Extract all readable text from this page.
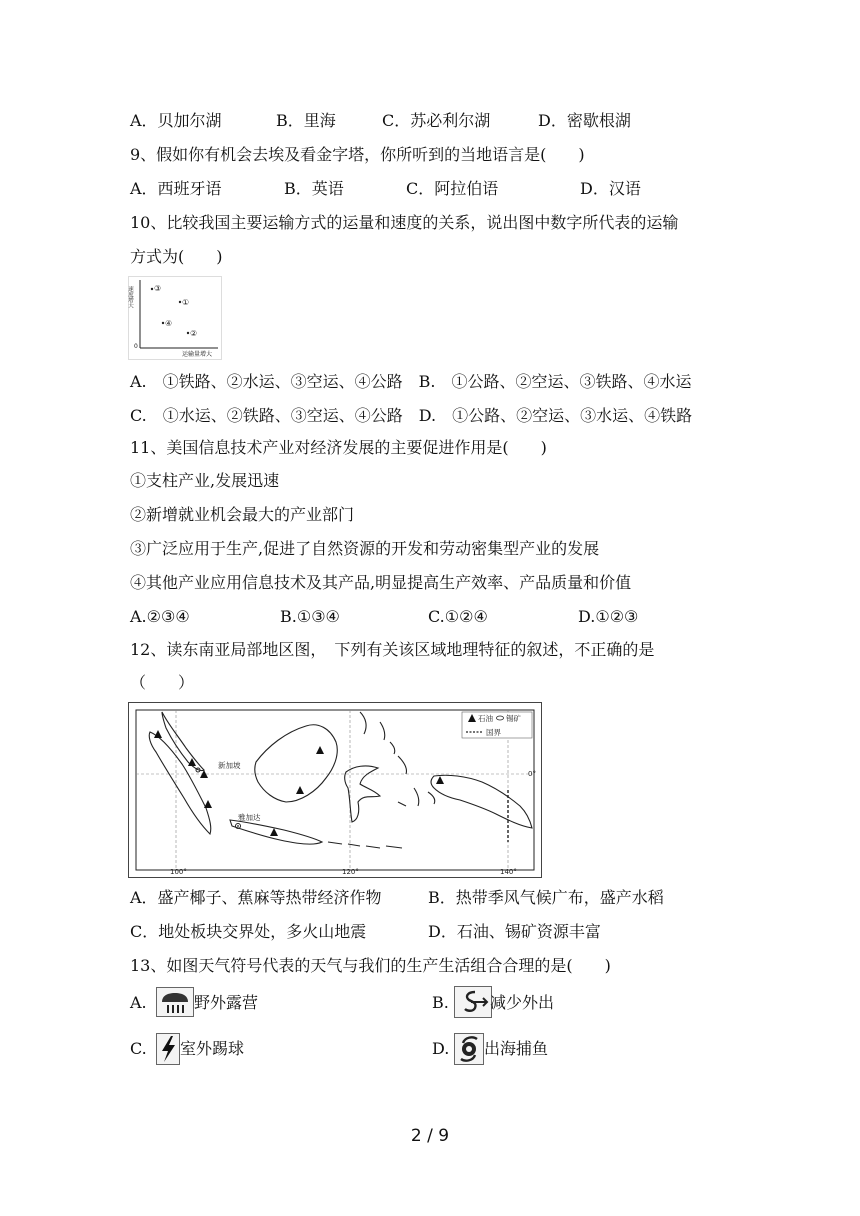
A．贝加尔湖	B．里海	C．苏必利尔湖	D．密歇根湖
9、假如你有机会去埃及看金字塔，你所听到的当地语言是(　　)
A．西班牙语	B．英语	C．阿拉伯语	D．汉语
10、比较我国主要运输方式的运量和速度的关系，说出图中数字所代表的运输
方式为(　　)
速度增大
0
运输量增大
③
①
④
②
A.　①铁路、②水运、③空运、④公路　B.　①公路、②空运、③铁路、④水运
C.　①水运、②铁路、③空运、④公路　D.　①公路、②空运、③水运、④铁路
11、美国信息技术产业对经济发展的主要促进作用是(　　)
①支柱产业,发展迅速
②新增就业机会最大的产业部门
③广泛应用于生产,促进了自然资源的开发和劳动密集型产业的发展
④其他产业应用信息技术及其产品,明显提高生产效率、产品质量和价值
A.②③④	B.①③④	C.①②④	D.①②③
12、读东南亚局部地区图，　下列有关该区域地理特征的叙述，不正确的是
（　　）
石油 锡矿
国界
新加坡
雅加达
100°	120°	140°
0°
A．盛产椰子、蕉麻等热带经济作物	B．热带季风气候广布，盛产水稻
C．地处板块交界处，多火山地震	D．石油、锡矿资源丰富
13、如图天气符号代表的天气与我们的生产生活组合合理的是(　　)
A.	野外露营	B.	减少外出
C. 室外踢球	D. 出海捕鱼
2 / 9
